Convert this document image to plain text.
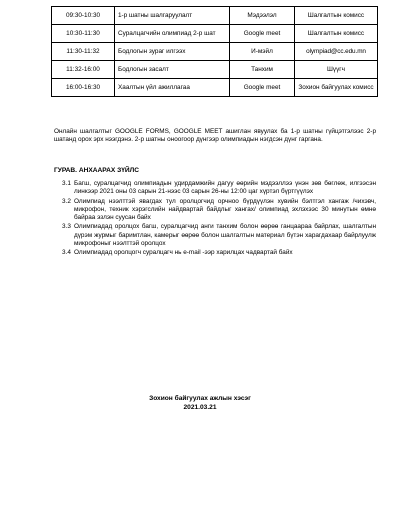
09:30-10:30	1-р шатны шалгаруулалт	Мэдээлэл	Шалгалтын комисс
10:30-11:30	Суралцагчийн олимпиад 2-р шат	Google meet	Шалгалтын комисс
11:30-11:32	Бодлогын зураг илгээх	И-мэйл	olympiad@cc.edu.mn
11:32-16:00	Бодлогын засалт	Танхим	Шүүгч
16:00-16:30	Хаалтын үйл ажиллагаа	Google meet	Зохион байгуулах комисс
Онлайн шалгалтыг GOOGLE FORMS, GOOGLE MEET ашиглан явуулах ба 1-р шатны гүйцэтгэлээс 2-р шатанд орох эрх нээгдэнэ. 2-р шатны оноогоор дүнгээр олимпиадын нэгдсэн дүнг гаргана.
ГУРАВ. АНХААРАХ ЗҮЙЛС
3.1 Багш, суралцагчид олимпиадын удирдамжийн дагуу өөрийн мэдээллээ үнэн зөв бөглөж, илгээсэн линкээр 2021 оны 03 сарын 21-нээс 03 сарын 26-ны 12:00 цаг хүртэл бүртгүүлэх
3.2 Олимпиад нээлттэй явагдах тул оролцогчид орчноо бүрдүүлэн хувийн бэлтгэл хангаж /чихэвч, микрофон, техник хэрэгслийн найдвартай байдлыг хангах/ олимпиад эхлэхээс 30 минутын өмнө байраа эзлэн суусан байх
3.3 Олимпиадад оролцох багш, суралцагчид анги танхим болон өөрөө ганцаараа байрлах, шалгалтын дүрэм журмыг баримтлан, камерыг өөрөө болон шалгалтын материал бүтэн харагдахаар байрлуулж микрофоныг нээлттэй оролцох
3.4 Олимпиадад оролцогч суралцагч нь e-mail -ээр харилцах чадвартай байх
Зохион байгуулах ажлын хэсэг
2021.03.21
